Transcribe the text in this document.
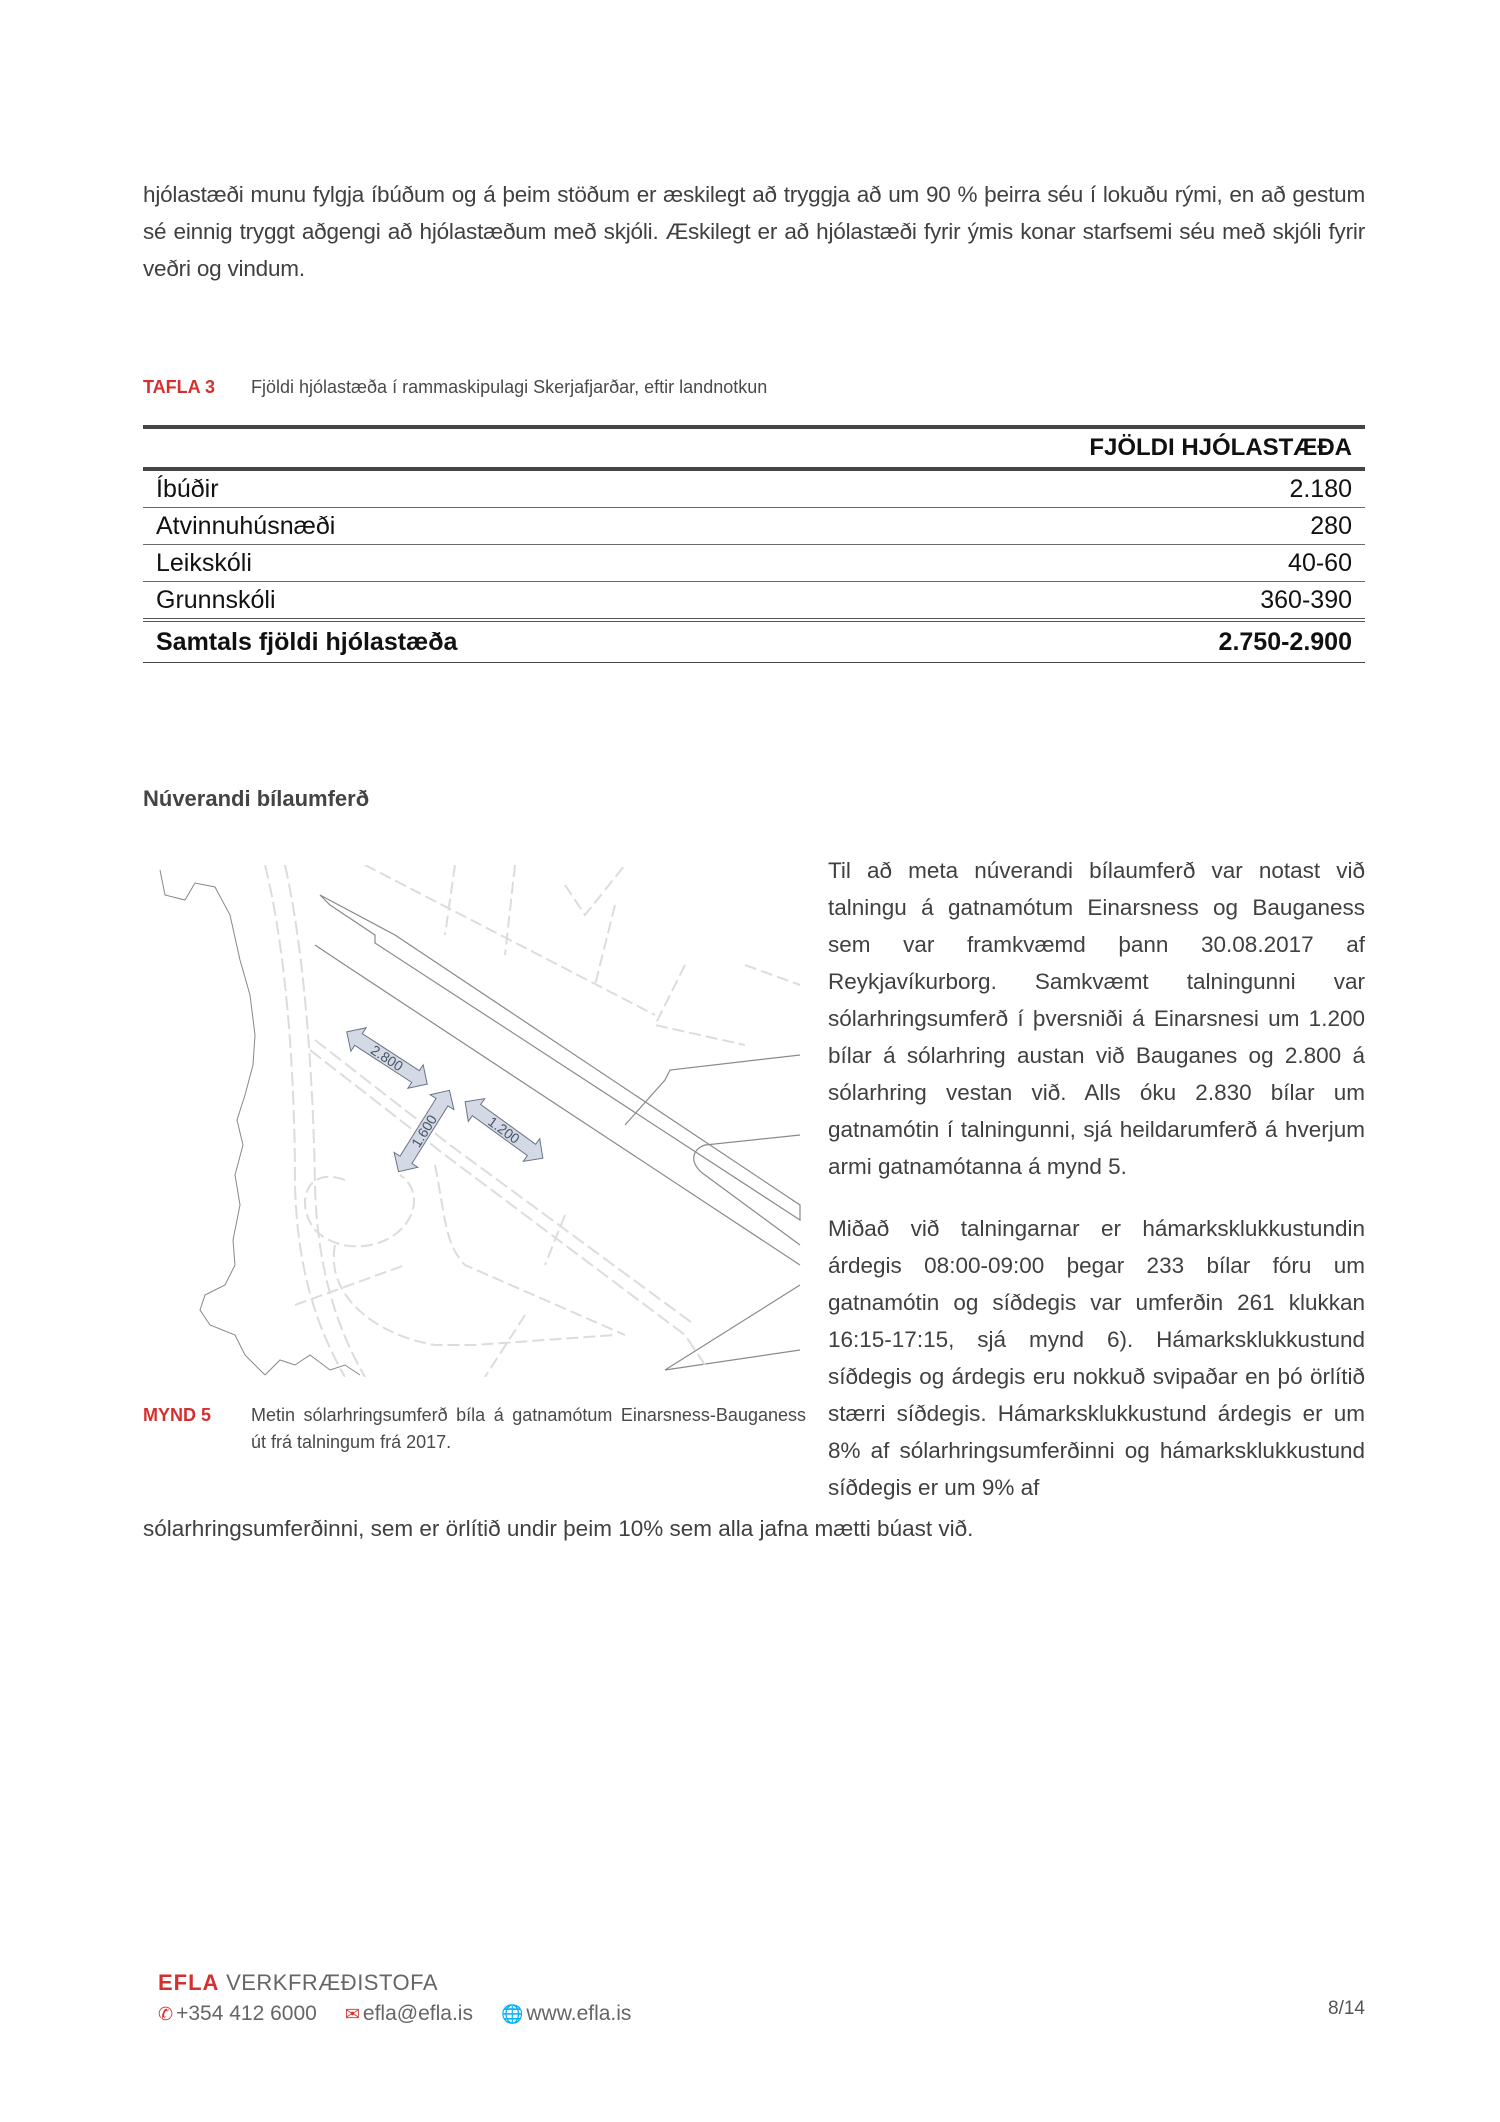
hjólastæði munu fylgja íbúðum og á þeim stöðum er æskilegt að tryggja að um 90 % þeirra séu í lokuðu rými, en að gestum sé einnig tryggt aðgengi að hjólastæðum með skjóli. Æskilegt er að hjólastæði fyrir ýmis konar starfsemi séu með skjóli fyrir veðri og vindum.
TAFLA 3 Fjöldi hjólastæða í rammaskipulagi Skerjafjarðar, eftir landnotkun
	FJÖLDI HJÓLASTÆÐA
Íbúðir	2.180
Atvinnuhúsnæði	280
Leikskóli	40-60
Grunnskóli	360-390
Samtals fjöldi hjólastæða	2.750-2.900
Núverandi bílaumferð
2.800
1.600	1.200
Til að meta núverandi bílaumferð var notast við talningu á gatnamótum Einarsness og Bauganess sem var framkvæmd þann 30.08.2017 af Reykjavíkurborg. Samkvæmt talningunni var sólarhringsumferð í þversniði á Einarsnesi um 1.200 bílar á sólarhring austan við Bauganes og 2.800 á sólarhring vestan við. Alls óku 2.830 bílar um gatnamótin í talningunni, sjá heildarumferð á hverjum armi gatnamótanna á mynd 5.
Miðað við talningarnar er hámarksklukkustundin árdegis 08:00-09:00 þegar 233 bílar fóru um gatnamótin og síðdegis var umferðin 261 klukkan 16:15-17:15, sjá mynd 6). Hámarksklukkustund síðdegis og árdegis eru nokkuð svipaðar en þó örlítið stærri síðdegis. Hámarksklukkustund árdegis er um 8% af sólarhringsumferðinni og hámarksklukkustund síðdegis er um 9% af
sólarhringsumferðinni, sem er örlítið undir þeim 10% sem alla jafna mætti búast við.
MYND 5 Metin sólarhringsumferð bíla á gatnamótum Einarsness-Bauganess út frá talningum frá 2017.
EFLA VERKFRÆÐISTOFA
✆ +354 412 6000 ✉ efla@efla.is 🌐 www.efla.is	8/14
